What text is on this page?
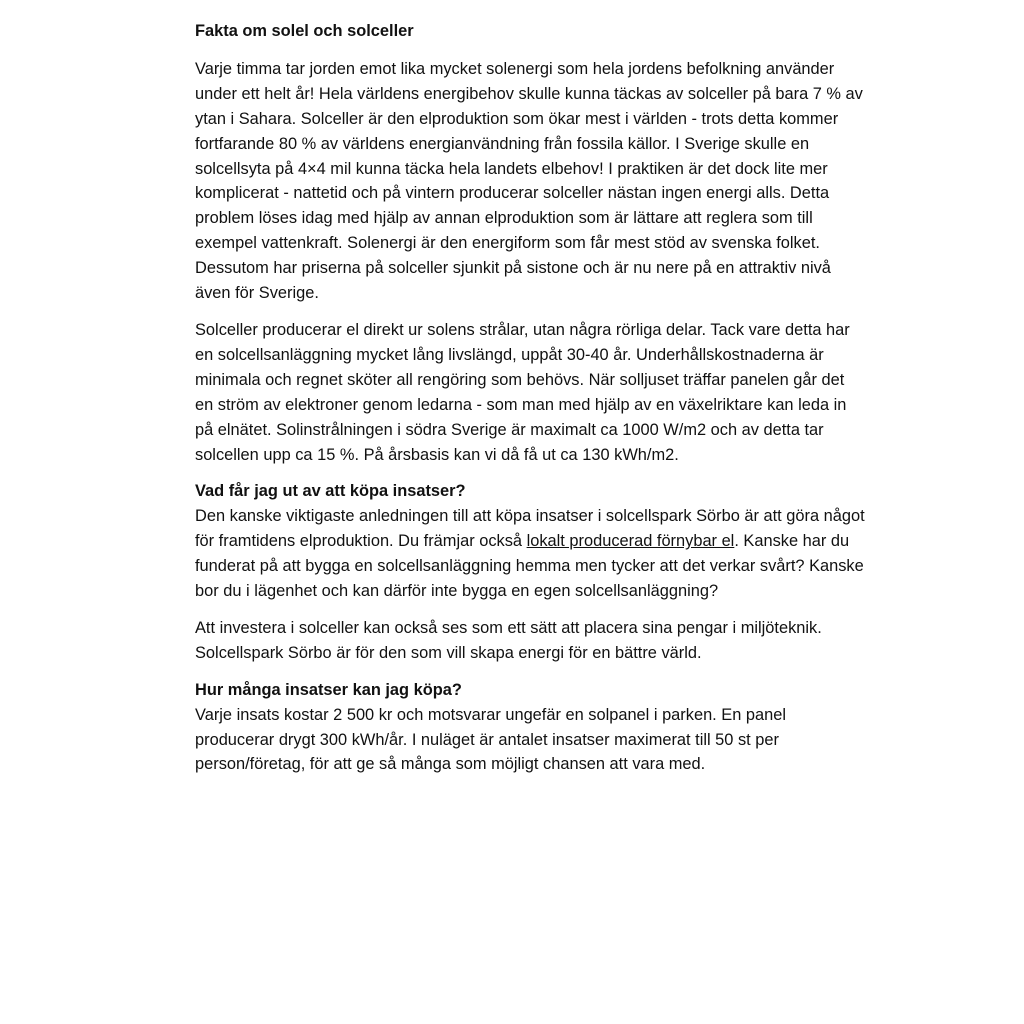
Fakta om solel och solceller

Varje timma tar jorden emot lika mycket solenergi som hela jordens befolkning använder
under ett helt år! Hela världens energibehov skulle kunna täckas av solceller på bara 7 % av
ytan i Sahara. Solceller är den elproduktion som ökar mest i världen - trots detta kommer
fortfarande 80 % av världens energianvändning från fossila källor. I Sverige skulle en
solcellsyta på 4×4 mil kunna täcka hela landets elbehov! I praktiken är det dock lite mer
komplicerat - nattetid och på vintern producerar solceller nästan ingen energi alls. Detta
problem löses idag med hjälp av annan elproduktion som är lättare att reglera som till
exempel vattenkraft. Solenergi är den energiform som får mest stöd av svenska folket.
Dessutom har priserna på solceller sjunkit på sistone och är nu nere på en attraktiv nivå
även för Sverige.

Solceller producerar el direkt ur solens strålar, utan några rörliga delar. Tack vare detta har
en solcellsanläggning mycket lång livslängd, uppåt 30-40 år. Underhållskostnaderna är
minimala och regnet sköter all rengöring som behövs. När solljuset träffar panelen går det
en ström av elektroner genom ledarna - som man med hjälp av en växelriktare kan leda in
på elnätet. Solinstrålningen i södra Sverige är maximalt ca 1000 W/m2 och av detta tar
solcellen upp ca 15 %. På årsbasis kan vi då få ut ca 130 kWh/m2.

Vad får jag ut av att köpa insatser?

Den kanske viktigaste anledningen till att köpa insatser i solcellspark Sörbo är att göra något
för framtidens elproduktion. Du främjar också lokalt producerad förnybar el. Kanske har du
funderat på att bygga en solcellsanläggning hemma men tycker att det verkar svårt? Kanske
bor du i lägenhet och kan därför inte bygga en egen solcellsanläggning?

Att investera i solceller kan också ses som ett sätt att placera sina pengar i miljöteknik.
Solcellspark Sörbo är för den som vill skapa energi för en bättre värld.

Hur många insatser kan jag köpa?

Varje insats kostar 2 500 kr och motsvarar ungefär en solpanel i parken. En panel
producerar drygt 300 kWh/år. I nuläget är antalet insatser maximerat till 50 st per
person/företag, för att ge så många som möjligt chansen att vara med.
